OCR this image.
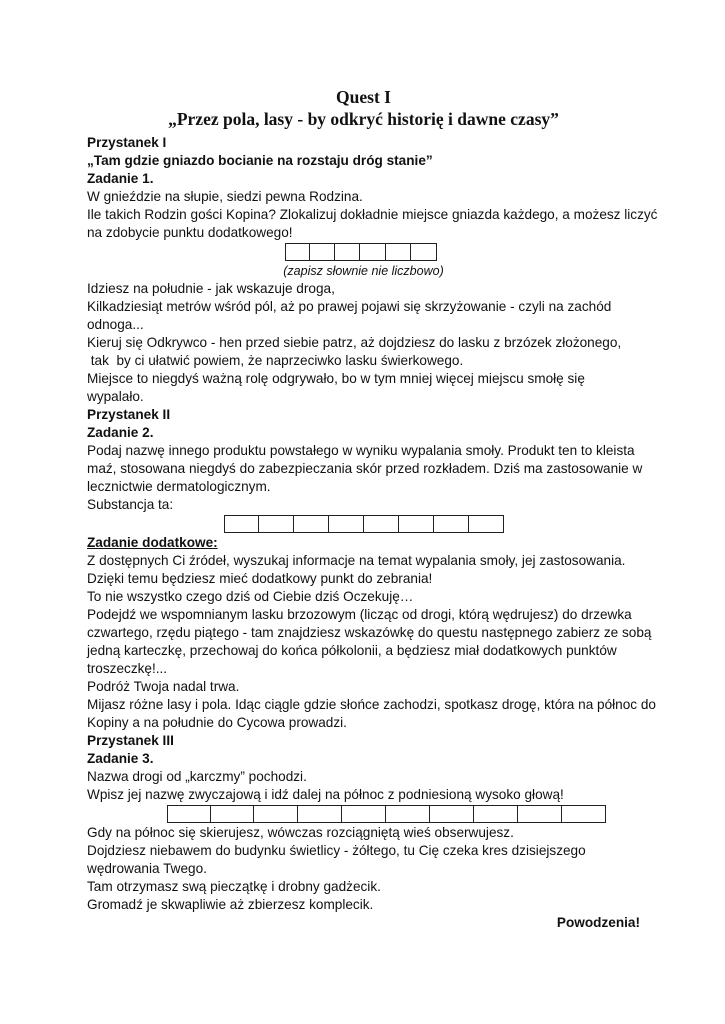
Quest I
„Przez pola, lasy - by odkryć historię i dawne czasy”
Przystanek I
„Tam gdzie gniazdo bocianie na rozstaju dróg stanie”
Zadanie 1.
W gnieździe na słupie, siedzi pewna Rodzina.
Ile takich Rodzin gości Kopina? Zlokalizuj dokładnie miejsce gniazda każdego, a możesz liczyć
na zdobycie punktu dodatkowego!
(zapisz słownie nie liczbowo)
Idziesz na południe - jak wskazuje droga,
Kilkadziesiąt metrów wśród pól, aż po prawej pojawi się skrzyżowanie - czyli na zachód
odnoga...
Kieruj się Odkrywco - hen przed siebie patrz, aż dojdziesz do lasku z brzózek złożonego,
tak  by ci ułatwić powiem, że naprzeciwko lasku świerkowego.
Miejsce to niegdyś ważną rolę odgrywało, bo w tym mniej więcej miejscu smołę się
wypalało.
Przystanek II
Zadanie 2.
Podaj nazwę innego produktu powstałego w wyniku wypalania smoły. Produkt ten to kleista
maź, stosowana niegdyś do zabezpieczania skór przed rozkładem. Dziś ma zastosowanie w
lecznictwie dermatologicznym.
Substancja ta:
Zadanie dodatkowe:
Z dostępnych Ci źródeł, wyszukaj informacje na temat wypalania smoły, jej zastosowania.
Dzięki temu będziesz mieć dodatkowy punkt do zebrania!
To nie wszystko czego dziś od Ciebie dziś Oczekuję…
Podejdź we wspomnianym lasku brzozowym (licząc od drogi, którą wędrujesz) do drzewka
czwartego, rzędu piątego - tam znajdziesz wskazówkę do questu następnego zabierz ze sobą
jedną karteczkę, przechowaj do końca półkolonii, a będziesz miał dodatkowych punktów
troszeczkę!...
Podróż Twoja nadal trwa.
Mijasz różne lasy i pola. Idąc ciągle gdzie słońce zachodzi, spotkasz drogę, która na północ do
Kopiny a na południe do Cycowa prowadzi.
Przystanek III
Zadanie 3.
Nazwa drogi od „karczmy” pochodzi.
Wpisz jej nazwę zwyczajową i idź dalej na północ z podniesioną wysoko głową!
Gdy na północ się skierujesz, wówczas rozciągniętą wieś obserwujesz.
Dojdziesz niebawem do budynku świetlicy - żółtego, tu Cię czeka kres dzisiejszego
wędrowania Twego.
Tam otrzymasz swą pieczątkę i drobny gadżecik.
Gromadź je skwapliwie aż zbierzesz komplecik.
Powodzenia!
